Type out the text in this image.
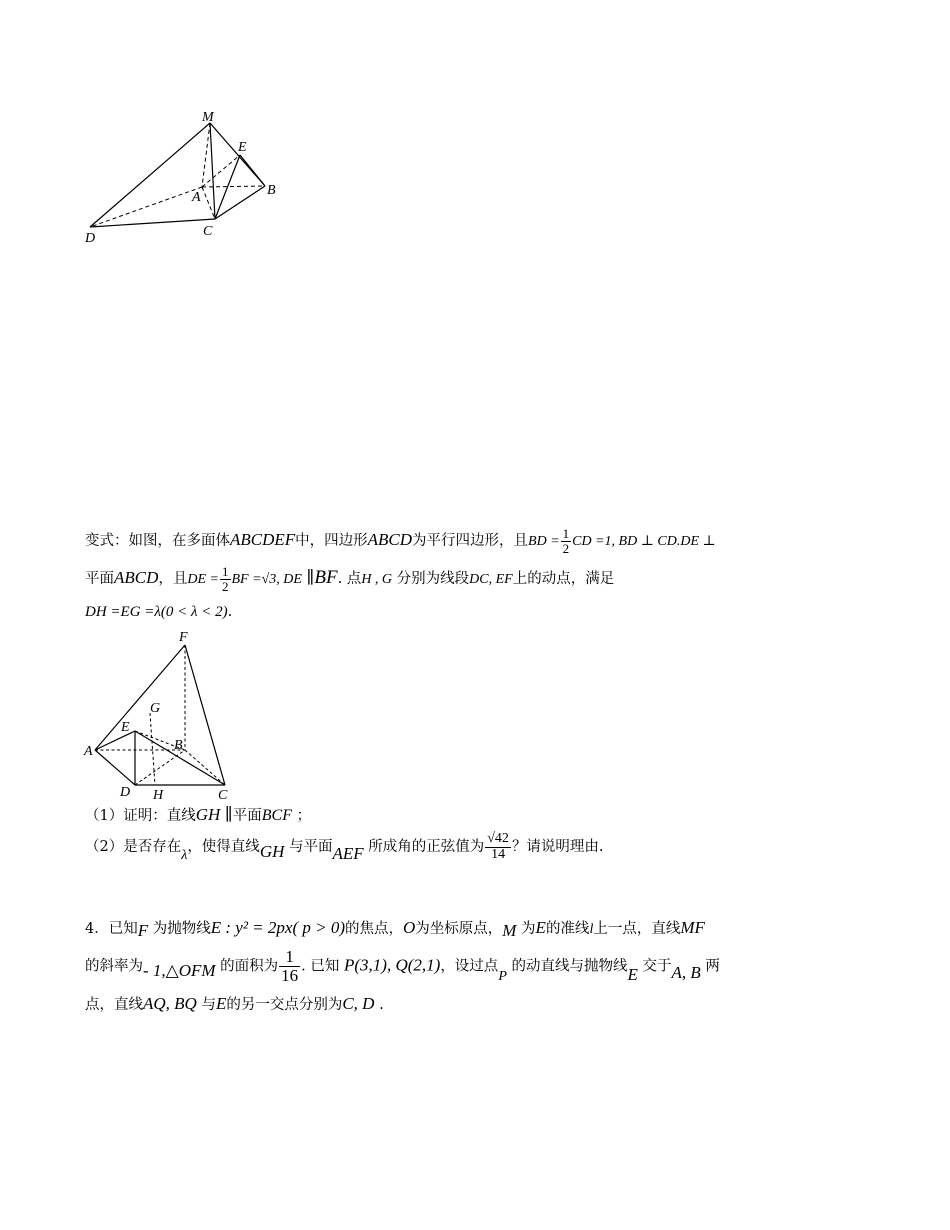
M
E
A	B
C
D
变式：如图，在多面体ABCDEF中，四边形ABCD为平行四边形，且BD = $\frac{1}{2}$ CD =1, BD ⊥ CD.DE ⊥
平面ABCD，且DE = $\frac{1}{2}$ BF =√3, DE ∥BF. 点H , G 分别为线段DC, EF上的动点，满足
DH =EG =λ(0 < λ < 2).
F
G
E
A	B
D H	C
（1）证明：直线GH ∥平面BCF ；
（2）是否存在λ，使得直线GH 与平面AEF 所成角的正弦值为 $\frac{√42}{14}$ ？请说明理由.
4．已知F 为抛物线E : y² = 2px( p > 0)的焦点，O为坐标原点，M 为E的准线l上一点，直线MF
的斜率为- 1,△OFM 的面积为 $\frac{1}{16}$ . 已知 P(3,1), Q(2,1)，设过点P 的动直线与抛物线E 交于A, B 两
点，直线AQ, BQ 与E的另一交点分别为C, D .
